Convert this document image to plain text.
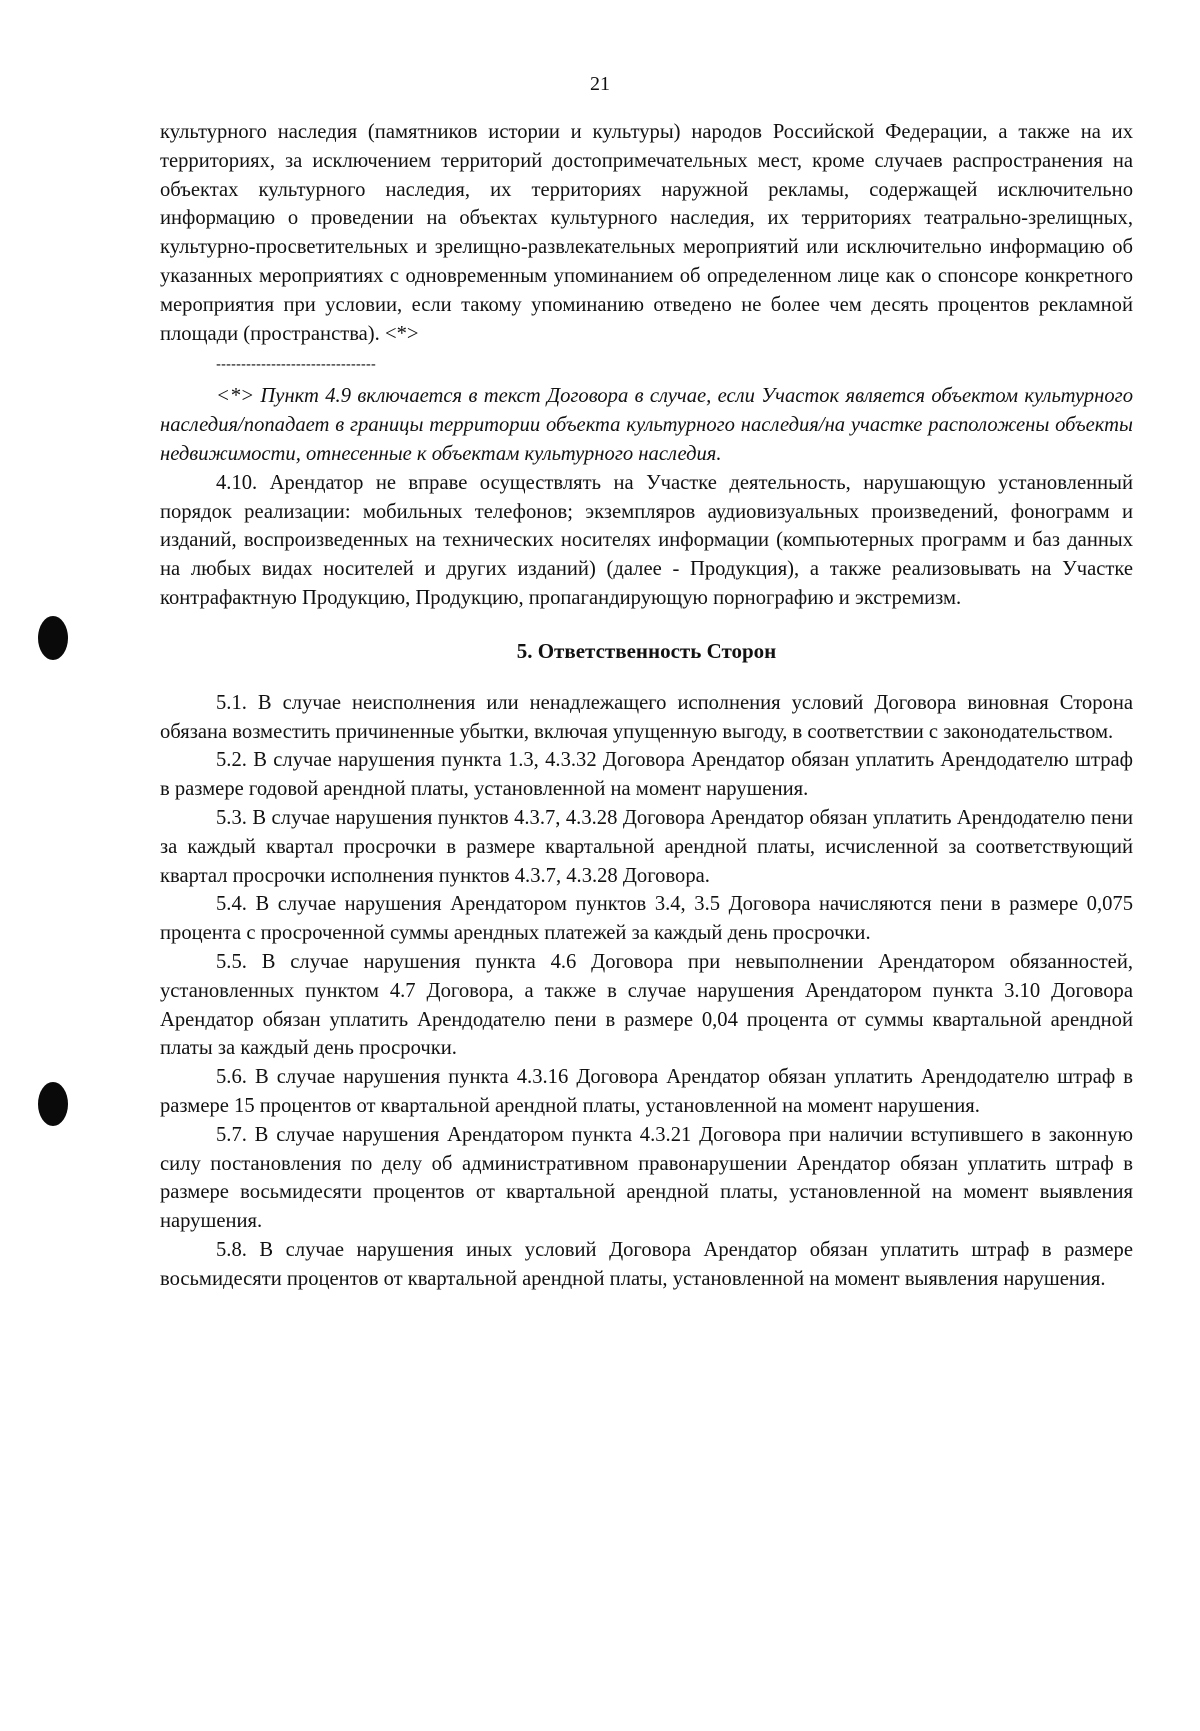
21

культурного наследия (памятников истории и культуры) народов Российской Федерации, а также на их территориях, за исключением территорий достопримечательных мест, кроме случаев распространения на объектах культурного наследия, их территориях наружной рекламы, содержащей исключительно информацию о проведении на объектах культурного наследия, их территориях театрально-зрелищных, культурно-просветительных и зрелищно-развлекательных мероприятий или исключительно информацию об указанных мероприятиях с одновременным упоминанием об определенном лице как о спонсоре конкретного мероприятия при условии, если такому упоминанию отведено не более чем десять процентов рекламной площади (пространства). <*>

--------------------------------

<*> Пункт 4.9 включается в текст Договора в случае, если Участок является объектом культурного наследия/попадает в границы территории объекта культурного наследия/на участке расположены объекты недвижимости, отнесенные к объектам культурного наследия.

4.10. Арендатор не вправе осуществлять на Участке деятельность, нарушающую установленный порядок реализации: мобильных телефонов; экземпляров аудиовизуальных произведений, фонограмм и изданий, воспроизведенных на технических носителях информации (компьютерных программ и баз данных на любых видах носителей и других изданий) (далее - Продукция), а также реализовывать на Участке контрафактную Продукцию, Продукцию, пропагандирующую порнографию и экстремизм.

5. Ответственность Сторон

5.1. В случае неисполнения или ненадлежащего исполнения условий Договора виновная Сторона обязана возместить причиненные убытки, включая упущенную выгоду, в соответствии с законодательством.

5.2. В случае нарушения пункта 1.3, 4.3.32 Договора Арендатор обязан уплатить Арендодателю штраф в размере годовой арендной платы, установленной на момент нарушения.

5.3. В случае нарушения пунктов 4.3.7, 4.3.28 Договора Арендатор обязан уплатить Арендодателю пени за каждый квартал просрочки в размере квартальной арендной платы, исчисленной за соответствующий квартал просрочки исполнения пунктов 4.3.7, 4.3.28 Договора.

5.4. В случае нарушения Арендатором пунктов 3.4, 3.5 Договора начисляются пени в размере 0,075 процента с просроченной суммы арендных платежей за каждый день просрочки.

5.5. В случае нарушения пункта 4.6 Договора при невыполнении Арендатором обязанностей, установленных пунктом 4.7 Договора, а также в случае нарушения Арендатором пункта 3.10 Договора Арендатор обязан уплатить Арендодателю пени в размере 0,04 процента от суммы квартальной арендной платы за каждый день просрочки.

5.6. В случае нарушения пункта 4.3.16 Договора Арендатор обязан уплатить Арендодателю штраф в размере 15 процентов от квартальной арендной платы, установленной на момент нарушения.

5.7. В случае нарушения Арендатором пункта 4.3.21 Договора при наличии вступившего в законную силу постановления по делу об административном правонарушении Арендатор обязан уплатить штраф в размере восьмидесяти процентов от квартальной арендной платы, установленной на момент выявления нарушения.

5.8. В случае нарушения иных условий Договора Арендатор обязан уплатить штраф в размере восьмидесяти процентов от квартальной арендной платы, установленной на момент выявления нарушения.
